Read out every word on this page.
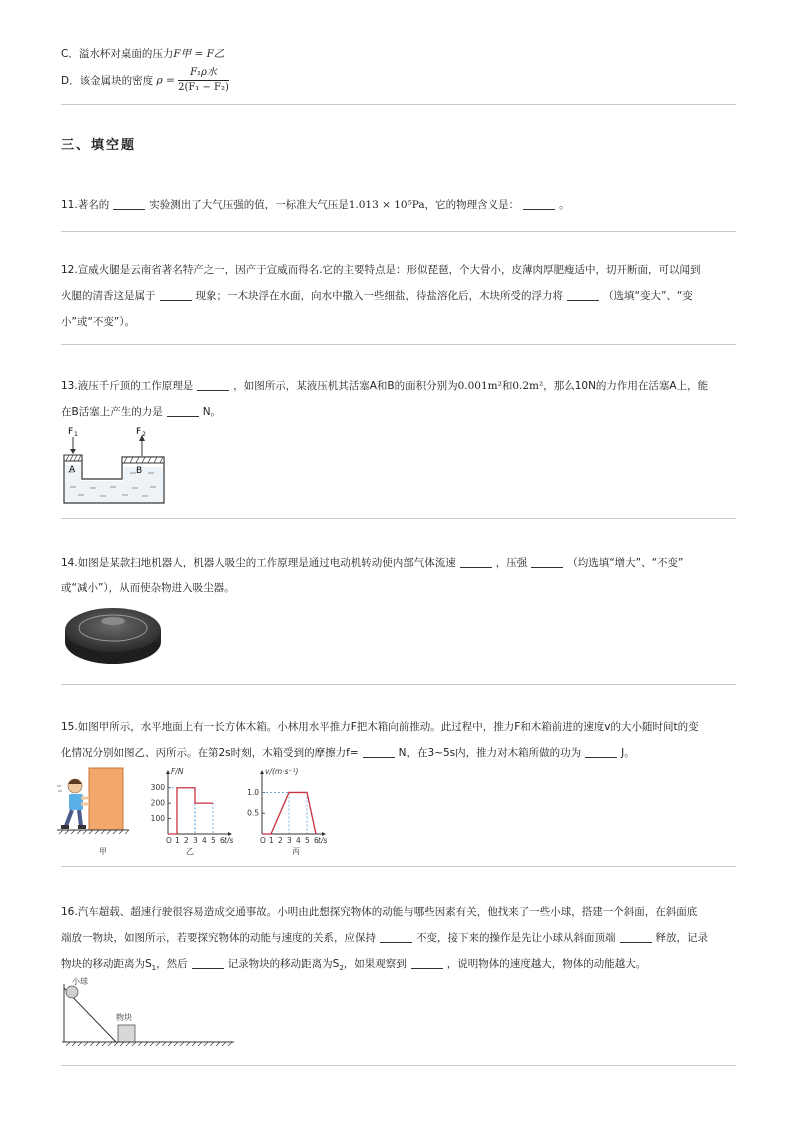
C．溢水杯对桌面的压力F甲 = F乙
D．该金属块的密度 $\rho = \frac{\text{F₁ρ水}}{\text{2(F₁ − F₂)}}$
三、填空题
11.著名的	实验测出了大气压强的值，一标准大气压是1.013 × 10⁵Pa，它的物理含义是：	。
12.宣威火腿是云南省著名特产之一，因产于宣威而得名.它的主要特点是：形似琵琶，个大骨小，皮薄肉厚肥瘦适中，切开断面，可以闻到
火腿的清香这是属于	现象；一木块浮在水面，向水中撒入一些细盐，待盐溶化后，木块所受的浮力将	（选填“变大”、“变
小”或“不变”）。
13.液压千斤顶的工作原理是	，如图所示，某液压机其活塞A和B的面积分别为0.001m²和0.2m²，那么10N的力作用在活塞A上，能
在B活塞上产生的力是	N。
F 1	F 2
A	B
14.如图是某款扫地机器人，机器人吸尘的工作原理是通过电动机转动使内部气体流速	，压强	（均选填“增大”、“不变”
或“减小”），从而使杂物进入吸尘器。
15.如图甲所示，水平地面上有一长方体木箱。小林用水平推力F把木箱向前推动。此过程中，推力F和木箱前进的速度v的大小随时间t的变
化情况分别如图乙、丙所示。在第2s时刻，木箱受到的摩擦力f=	N，在3~5s内，推力对木箱所做的功为	J。
甲
O 1 2 3 4 5 6
100
200
300
t/s
F/N
乙
O 1 2 3 4 5 6
0.5
1.0
t/s
v/(m·s⁻¹)
丙
16.汽车超载、超速行驶很容易造成交通事故。小明由此想探究物体的动能与哪些因素有关，他找来了一些小球，搭建一个斜面，在斜面底
端放一物块，如图所示，若要探究物体的动能与速度的关系，应保持	不变，接下来的操作是先让小球从斜面顶端	释放，记录
物块的移动距离为$S_1$，然后	记录物块的移动距离为$S_2$，如果观察到	，说明物体的速度越大，物体的动能越大。
小球
物块
